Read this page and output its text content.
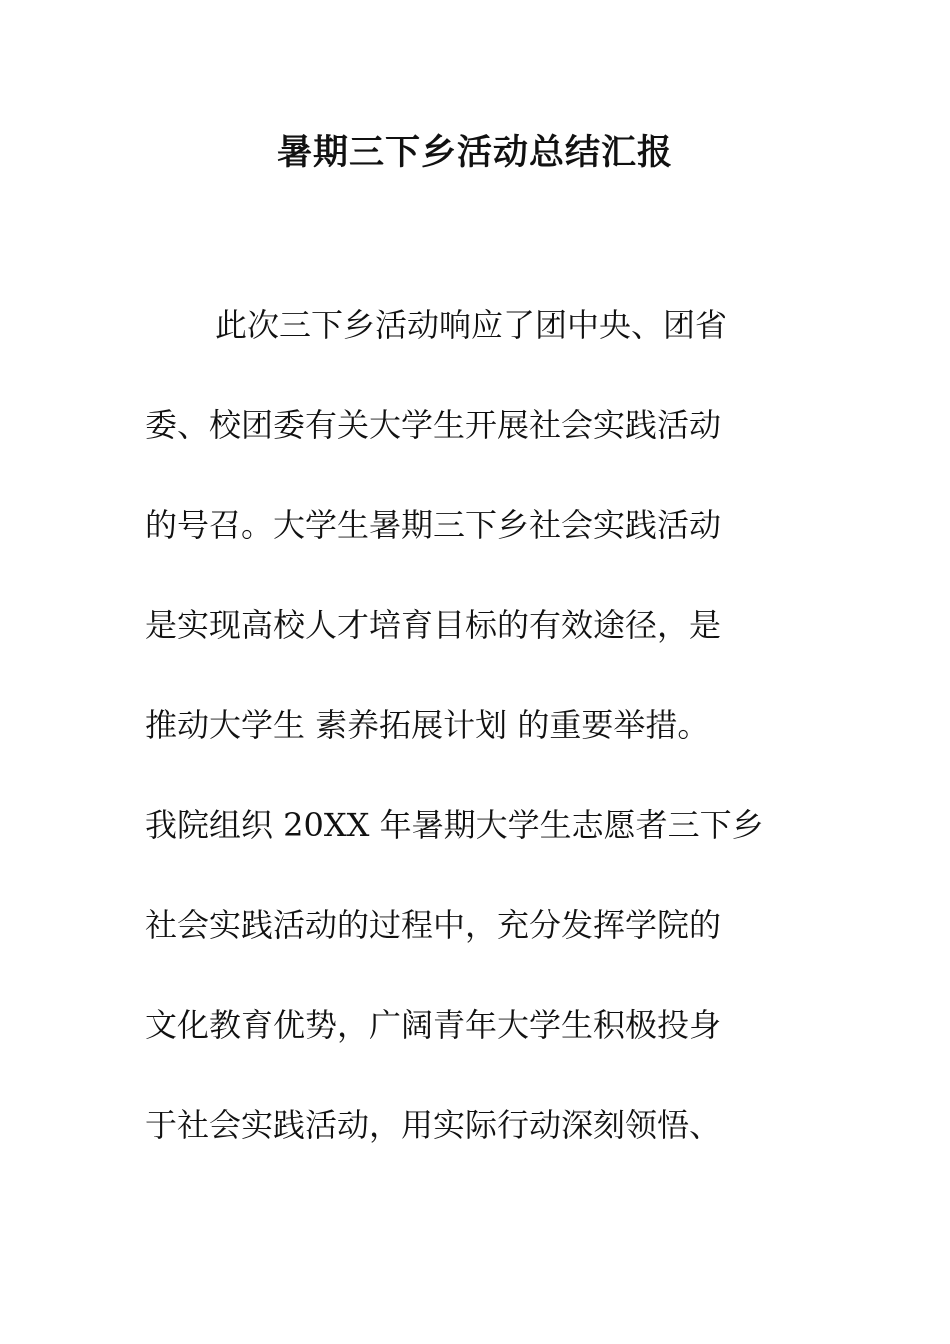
暑期三下乡活动总结汇报
此次三下乡活动响应了团中央、团省
委、校团委有关大学生开展社会实践活动
的号召。大学生暑期三下乡社会实践活动
是实现高校人才培育目标的有效途径，是
推动大学生 素养拓展计划 的重要举措。
我院组织 20XX 年暑期大学生志愿者三下乡
社会实践活动的过程中，充分发挥学院的
文化教育优势，广阔青年大学生积极投身
于社会实践活动，用实际行动深刻领悟、
